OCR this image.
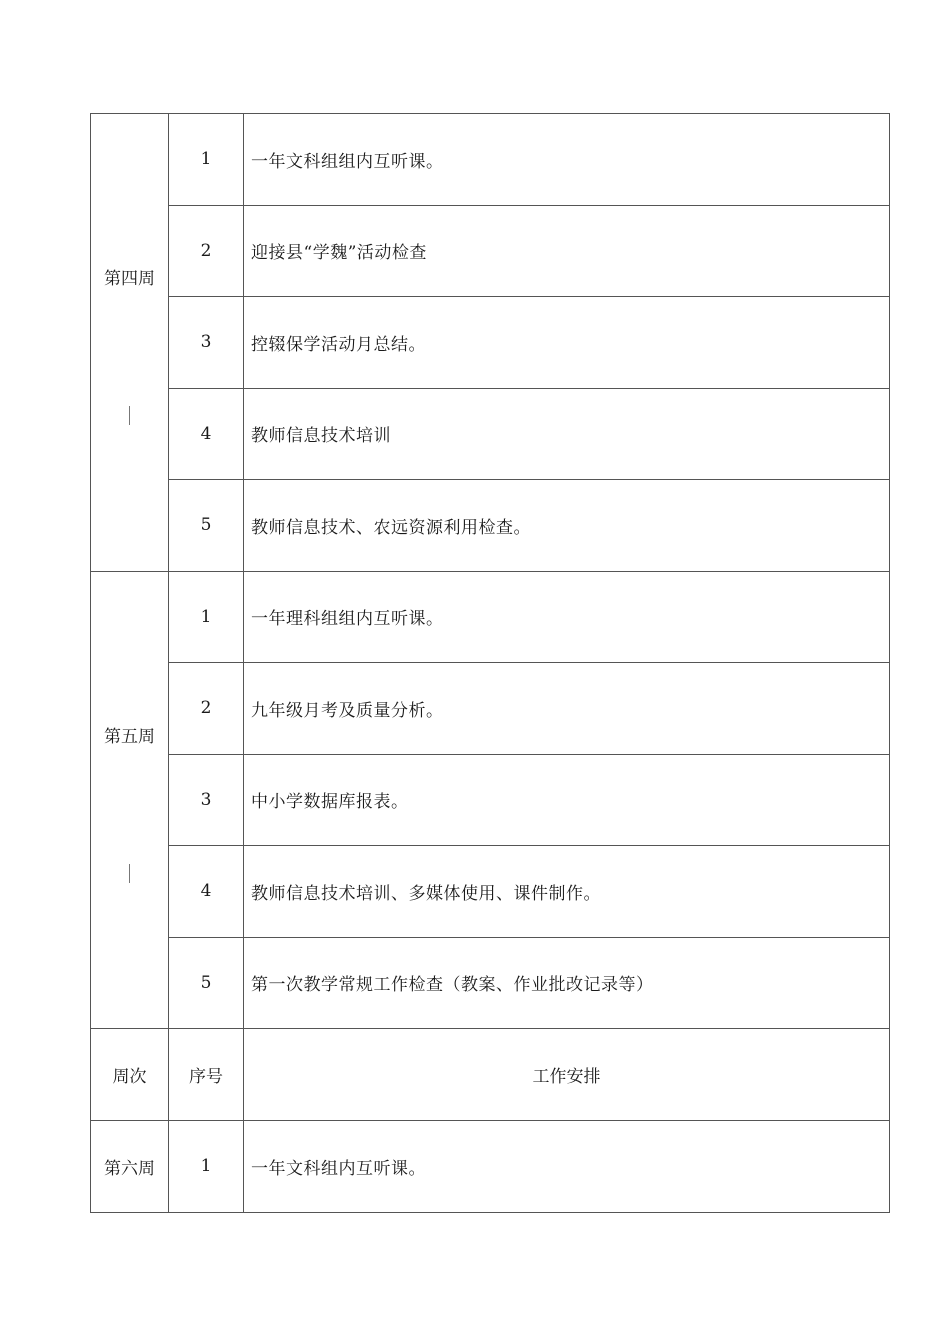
第四周	1	一年文科组组内互听课。
	2	迎接县“学魏”活动检查
	3	控辍保学活动月总结。
	4	教师信息技术培训
	5	教师信息技术、农远资源利用检查。

第五周	1	一年理科组组内互听课。
	2	九年级月考及质量分析。
	3	中小学数据库报表。
	4	教师信息技术培训、多媒体使用、课件制作。
	5	第一次教学常规工作检查（教案、作业批改记录等）
周次	序号	工作安排
第六周	1	一年文科组内互听课。
